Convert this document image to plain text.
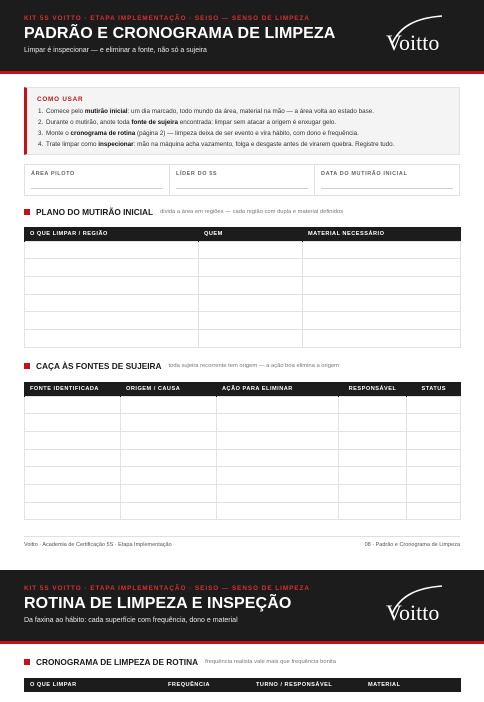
KIT 5S VOITTO · ETAPA IMPLEMENTAÇÃO · SEISO — SENSO DE LIMPEZA
PADRÃO E CRONOGRAMA DE LIMPEZA
Limpar é inspecionar — e eliminar a fonte, não só a sujeira	Voitto
COMO USAR
1. Comece pelo mutirão inicial: um dia marcado, todo mundo da área, material na mão — a área volta ao estado base.
2. Durante o mutirão, anote toda fonte de sujeira encontrada: limpar sem atacar a origem é enxugar gelo.
3. Monte o cronograma de rotina (página 2) — limpeza deixa de ser evento e vira hábito, com dono e frequência.
4. Trate limpar como inspecionar: mão na máquina acha vazamento, folga e desgaste antes de virarem quebra. Registre tudo.
ÁREA PILOTO	LÍDER DO 5S	DATA DO MUTIRÃO INICIAL
PLANO DO MUTIRÃO INICIAL divida a área em regiões — cada região com dupla e material definidos
O QUE LIMPAR / REGIÃO	QUEM	MATERIAL NECESSÁRIO

CAÇA ÀS FONTES DE SUJEIRA toda sujeira recorrente tem origem — a ação boa elimina a origem
FONTE IDENTIFICADA	ORIGEM / CAUSA	AÇÃO PARA ELIMINAR	RESPONSÁVEL	STATUS

Voitto · Academia de Certificação 5S · Etapa Implementação	08 · Padrão e Cronograma de Limpeza
KIT 5S VOITTO · ETAPA IMPLEMENTAÇÃO · SEISO — SENSO DE LIMPEZA
ROTINA DE LIMPEZA E INSPEÇÃO
Da faxina ao hábito: cada superfície com frequência, dono e material	Voitto
CRONOGRAMA DE LIMPEZA DE ROTINA frequência realista vale mais que frequência bonita
O QUE LIMPAR	FREQUÊNCIA	TURNO / RESPONSÁVEL	MATERIAL
